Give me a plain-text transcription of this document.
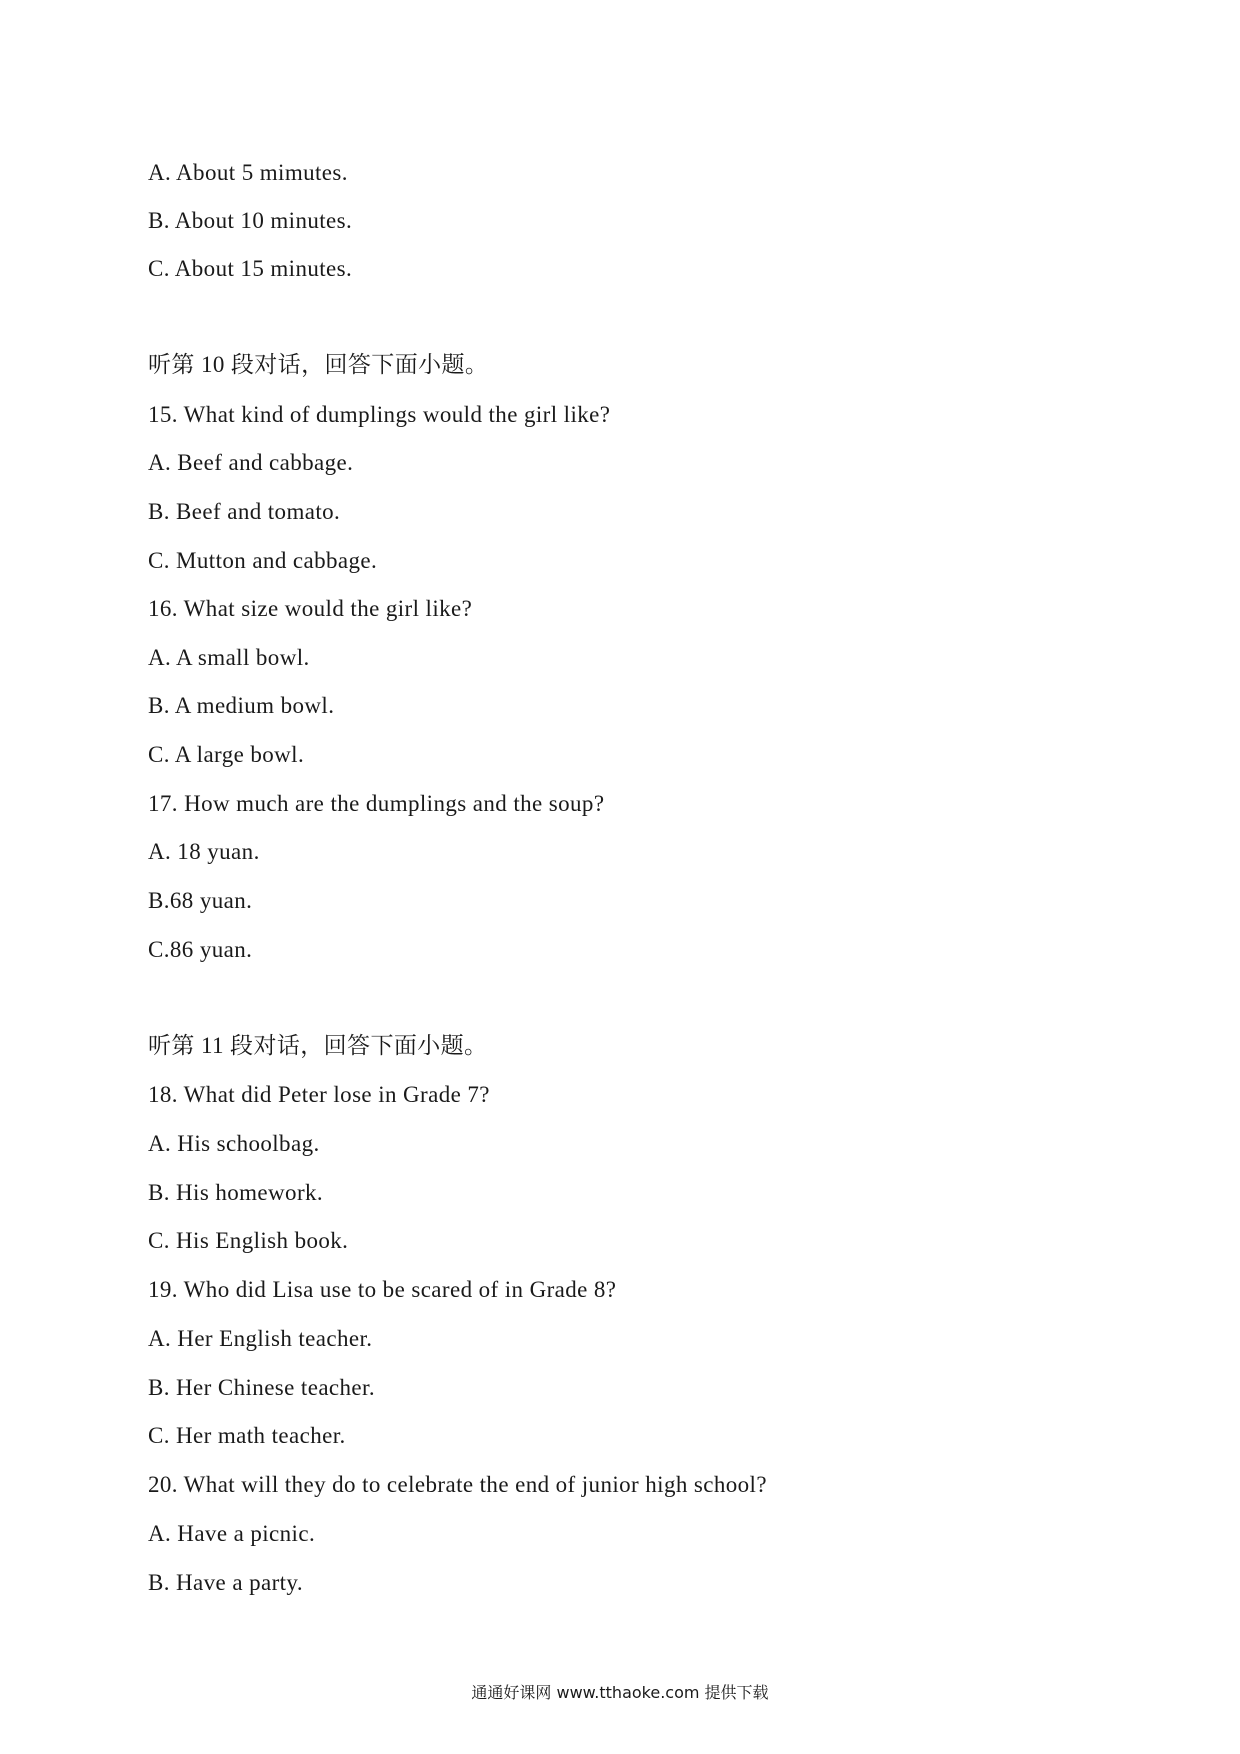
A. About 5 mimutes.
B. About 10 minutes.
C. About 15 minutes.
听第 10 段对话，回答下面小题。
15. What kind of dumplings would the girl like?
A. Beef and cabbage.
B. Beef and tomato.
C. Mutton and cabbage.
16. What size would the girl like?
A. A small bowl.
B. A medium bowl.
C. A large bowl.
17. How much are the dumplings and the soup?
A. 18 yuan.
B.68 yuan.
C.86 yuan.
听第 11 段对话，回答下面小题。
18. What did Peter lose in Grade 7?
A. His schoolbag.
B. His homework.
C. His English book.
19. Who did Lisa use to be scared of in Grade 8?
A. Her English teacher.
B. Her Chinese teacher.
C. Her math teacher.
20. What will they do to celebrate the end of junior high school?
A. Have a picnic.
B. Have a party.
通通好课网 www.tthaoke.com 提供下载
